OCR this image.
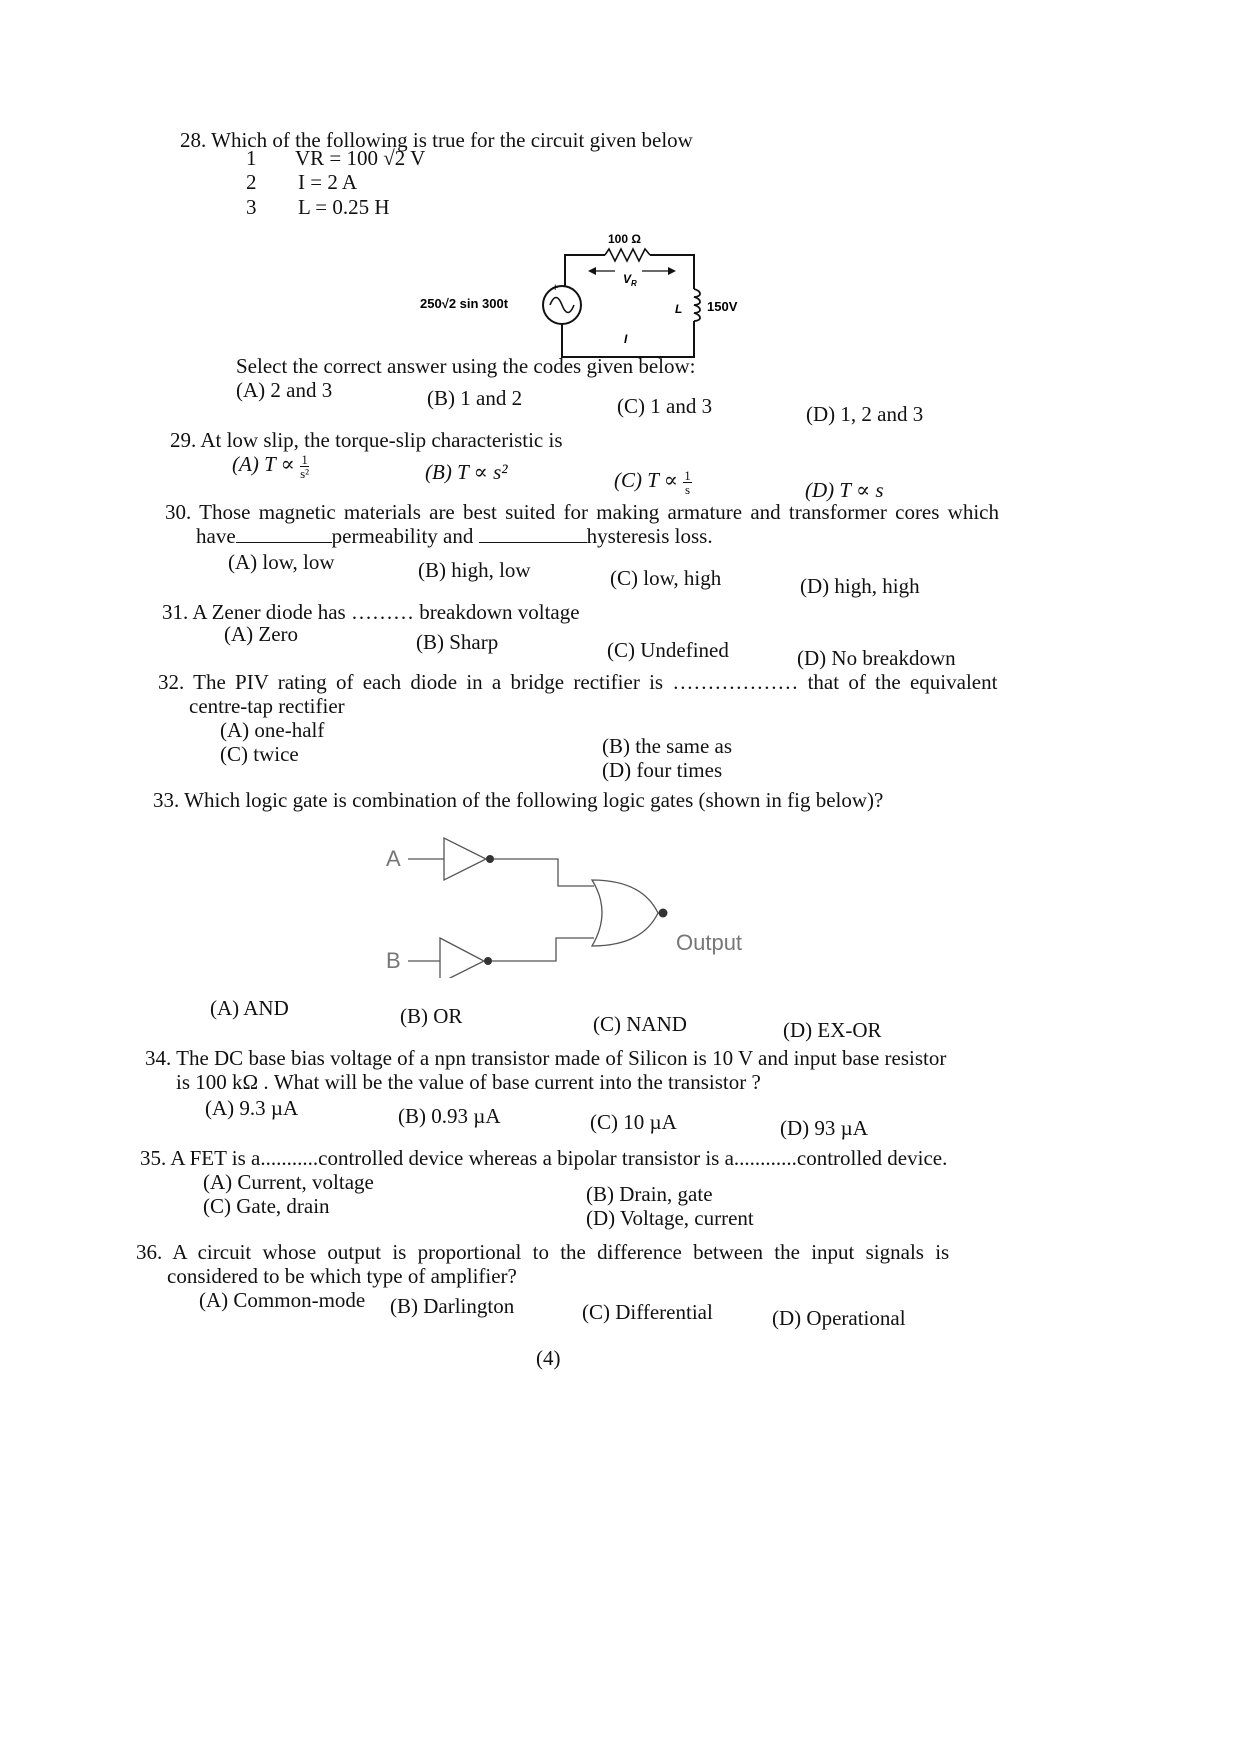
28. Which of the following is true for the circuit given below
1 VR = 100 √2 V
2 I = 2 A
3 L = 0.25 H
250√2 sin 300t
100 Ω
+
$V_R$
L 150V
I
Select the correct answer using the codes given below:
(A) 2 and 3	(B) 1 and 2	(C) 1 and 3	(D) 1, 2 and 3
29. At low slip, the torque-slip characteristic is
(A) $T \propto \frac{1}{\text{s²}}$	(B) T ∝ s²	(C) $T \propto \frac{1}{s}$	(D) T ∝ s
30. Those magnetic materials are best suited for making armature and transformer cores which
have	permeability and	hysteresis loss.
(A) low, low	(B) high, low	(C) low, high	(D) high, high
31. A Zener diode has ……… breakdown voltage
(A) Zero	(B) Sharp	(C) Undefined	(D) No breakdown
32. The PIV rating of each diode in a bridge rectifier is ……………… that of the equivalent
centre-tap rectifier
(A) one-half
(B) the same as
(C) twice
(D) four times
33. Which logic gate is combination of the following logic gates (shown in fig below)?
A
B
Output
(A) AND	(B) OR	(C) NAND	(D) EX-OR
34. The DC base bias voltage of a npn transistor made of Silicon is 10 V and input base resistor
is 100 kΩ . What will be the value of base current into the transistor ?
(A) 9.3 µA	(B) 0.93 µA	(C) 10 µA	(D) 93 µA
35. A FET is a...........controlled device whereas a bipolar transistor is a............controlled device.
(A) Current, voltage	(B) Drain, gate
(C) Gate, drain	(D) Voltage, current
36. A circuit whose output is proportional to the difference between the input signals is
considered to be which type of amplifier?
(A) Common-mode (B) Darlington	(C) Differential	(D) Operational
(4)
